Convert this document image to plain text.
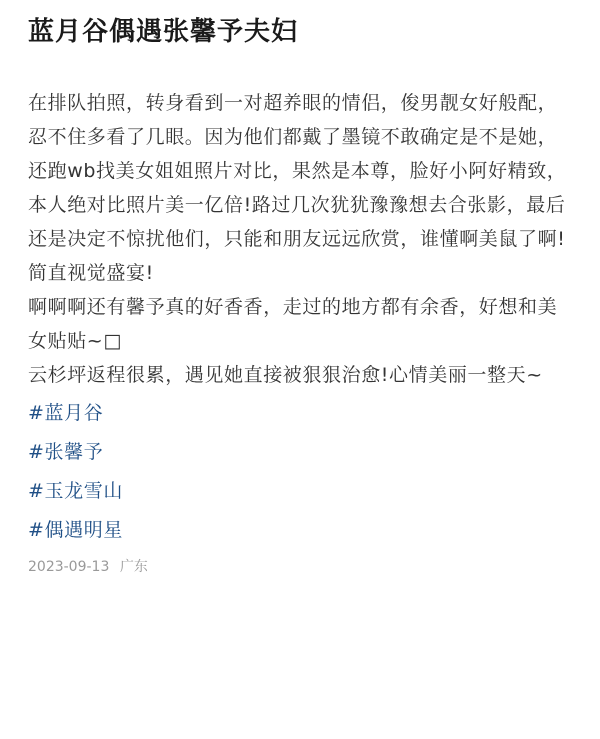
蓝月谷偶遇张馨予夫妇

在排队拍照，转身看到一对超养眼的情侣，俊男靓女好般配，忍不住多看了几眼。因为他们都戴了墨镜不敢确定是不是她，还跑wb找美女姐姐照片对比，果然是本尊，脸好小阿好精致，本人绝对比照片美一亿倍!路过几次犹犹豫豫想去合张影，最后还是决定不惊扰他们，只能和朋友远远欣赏，谁懂啊美鼠了啊!简直视觉盛宴!

啊啊啊还有馨予真的好香香，走过的地方都有余香，好想和美女贴贴~□

云杉坪返程很累，遇见她直接被狠狠治愈!心情美丽一整天~

#蓝月谷
#张馨予
#玉龙雪山
#偶遇明星
2023-09-13 广东
